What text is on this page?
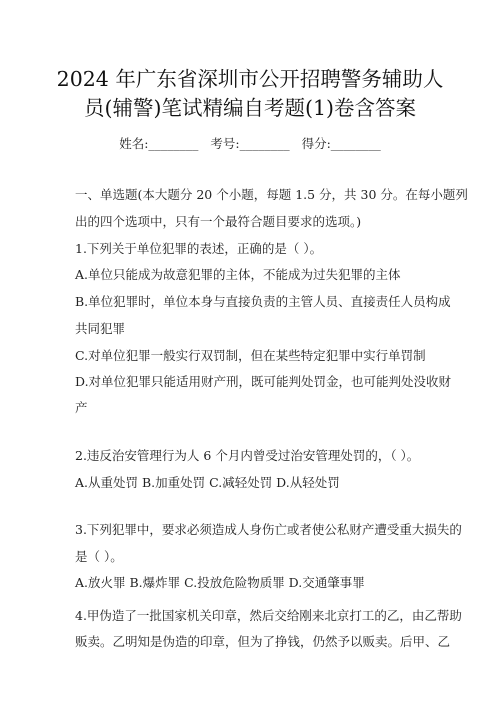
2024 年广东省深圳市公开招聘警务辅助人
员(辅警)笔试精编自考题(1)卷含答案
姓名:________ 考号:________ 得分:________
一、单选题(本大题分 20 个小题，每题 1.5 分，共 30 分。在每小题列
出的四个选项中，只有一个最符合题目要求的选项。)
1.下列关于单位犯罪的表述，正确的是（ ）。
A.单位只能成为故意犯罪的主体，不能成为过失犯罪的主体
B.单位犯罪时，单位本身与直接负责的主管人员、直接责任人员构成
共同犯罪
C.对单位犯罪一般实行双罚制，但在某些特定犯罪中实行单罚制
D.对单位犯罪只能适用财产刑，既可能判处罚金，也可能判处没收财
产
2.违反治安管理行为人 6 个月内曾受过治安管理处罚的，（ ）。
A.从重处罚 B.加重处罚 C.减轻处罚 D.从轻处罚
3.下列犯罪中，要求必须造成人身伤亡或者使公私财产遭受重大损失的
是（ ）。
A.放火罪 B.爆炸罪 C.投放危险物质罪 D.交通肇事罪
4.甲伪造了一批国家机关印章，然后交给刚来北京打工的乙，由乙帮助
贩卖。乙明知是伪造的印章，但为了挣钱，仍然予以贩卖。后甲、乙
